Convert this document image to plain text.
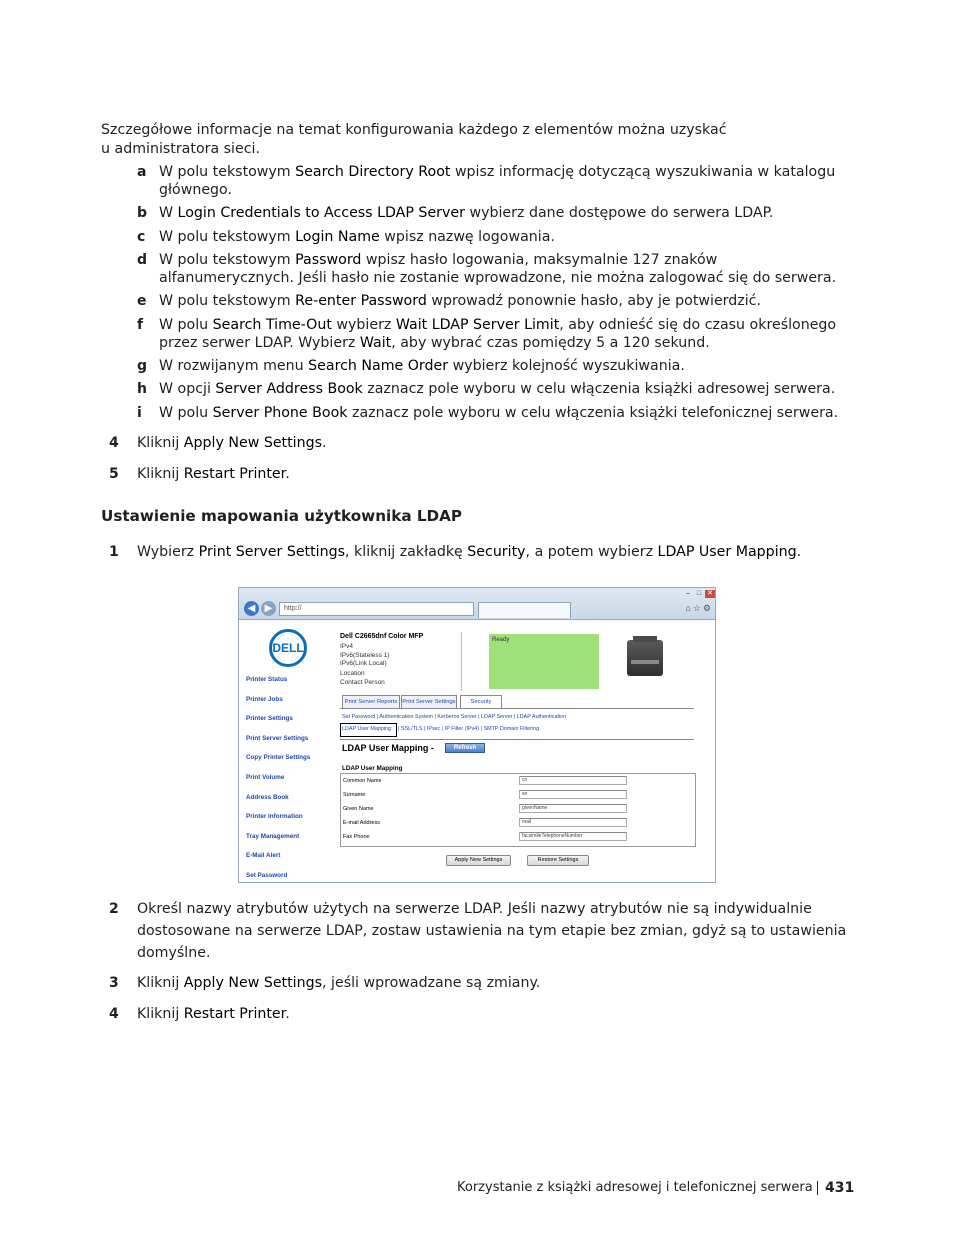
Szczegółowe informacje na temat konfigurowania każdego z elementów można uzyskać
u administratora sieci.
a W polu tekstowym Search Directory Root wpisz informację dotyczącą wyszukiwania w katalogu
głównego.
b W Login Credentials to Access LDAP Server wybierz dane dostępowe do serwera LDAP.
c W polu tekstowym Login Name wpisz nazwę logowania.
d W polu tekstowym Password wpisz hasło logowania, maksymalnie 127 znaków
alfanumerycznych. Jeśli hasło nie zostanie wprowadzone, nie można zalogować się do serwera.
e W polu tekstowym Re-enter Password wprowadź ponownie hasło, aby je potwierdzić.
f W polu Search Time-Out wybierz Wait LDAP Server Limit, aby odnieść się do czasu określonego
przez serwer LDAP. Wybierz Wait, aby wybrać czas pomiędzy 5 a 120 sekund.
g W rozwijanym menu Search Name Order wybierz kolejność wyszukiwania.
h W opcji Server Address Book zaznacz pole wyboru w celu włączenia książki adresowej serwera.
i W polu Server Phone Book zaznacz pole wyboru w celu włączenia książki telefonicznej serwera.
4 Kliknij Apply New Settings.
5 Kliknij Restart Printer.
Ustawienie mapowania użytkownika LDAP
1 Wybierz Print Server Settings, kliknij zakładkę Security, a potem wybierz LDAP User Mapping.
– □ ✕
◀ ▶	http://	⌂☆⚙
DELL
Printer Status
Printer Jobs
Printer Settings
Print Server Settings
Copy Printer Settings
Print Volume
Address Book
Printer Information
Tray Management
E-Mail Alert
Set Password
Dell C2665dnf Color MFP
IPv4
IPv6(Stateless 1)
IPv6(Link Local)
Location
Contact Person
Ready
Print Server Reports Print Server Settings	Security
Set Password | Authentication System | Kerberos Server | LDAP Server | LDAP Authentication
LDAP User Mapping | SSL/TLS | IPsec | IP Filter (IPv4) | SMTP Domain Filtering
LDAP User Mapping -	Refresh
LDAP User Mapping
Common Name	cn
Surname	sn
Given Name	givenName
E-mail Address	mail
Fax Phone	facsimileTelephoneNumber
Apply New Settings	Restore Settings
2 Określ nazwy atrybutów użytych na serwerze LDAP. Jeśli nazwy atrybutów nie są indywidualnie
dostosowane na serwerze LDAP, zostaw ustawienia na tym etapie bez zmian, gdyż są to ustawienia
domyślne.
3 Kliknij Apply New Settings, jeśli wprowadzane są zmiany.
4 Kliknij Restart Printer.
Korzystanie z książki adresowej i telefonicznej serwera 431
